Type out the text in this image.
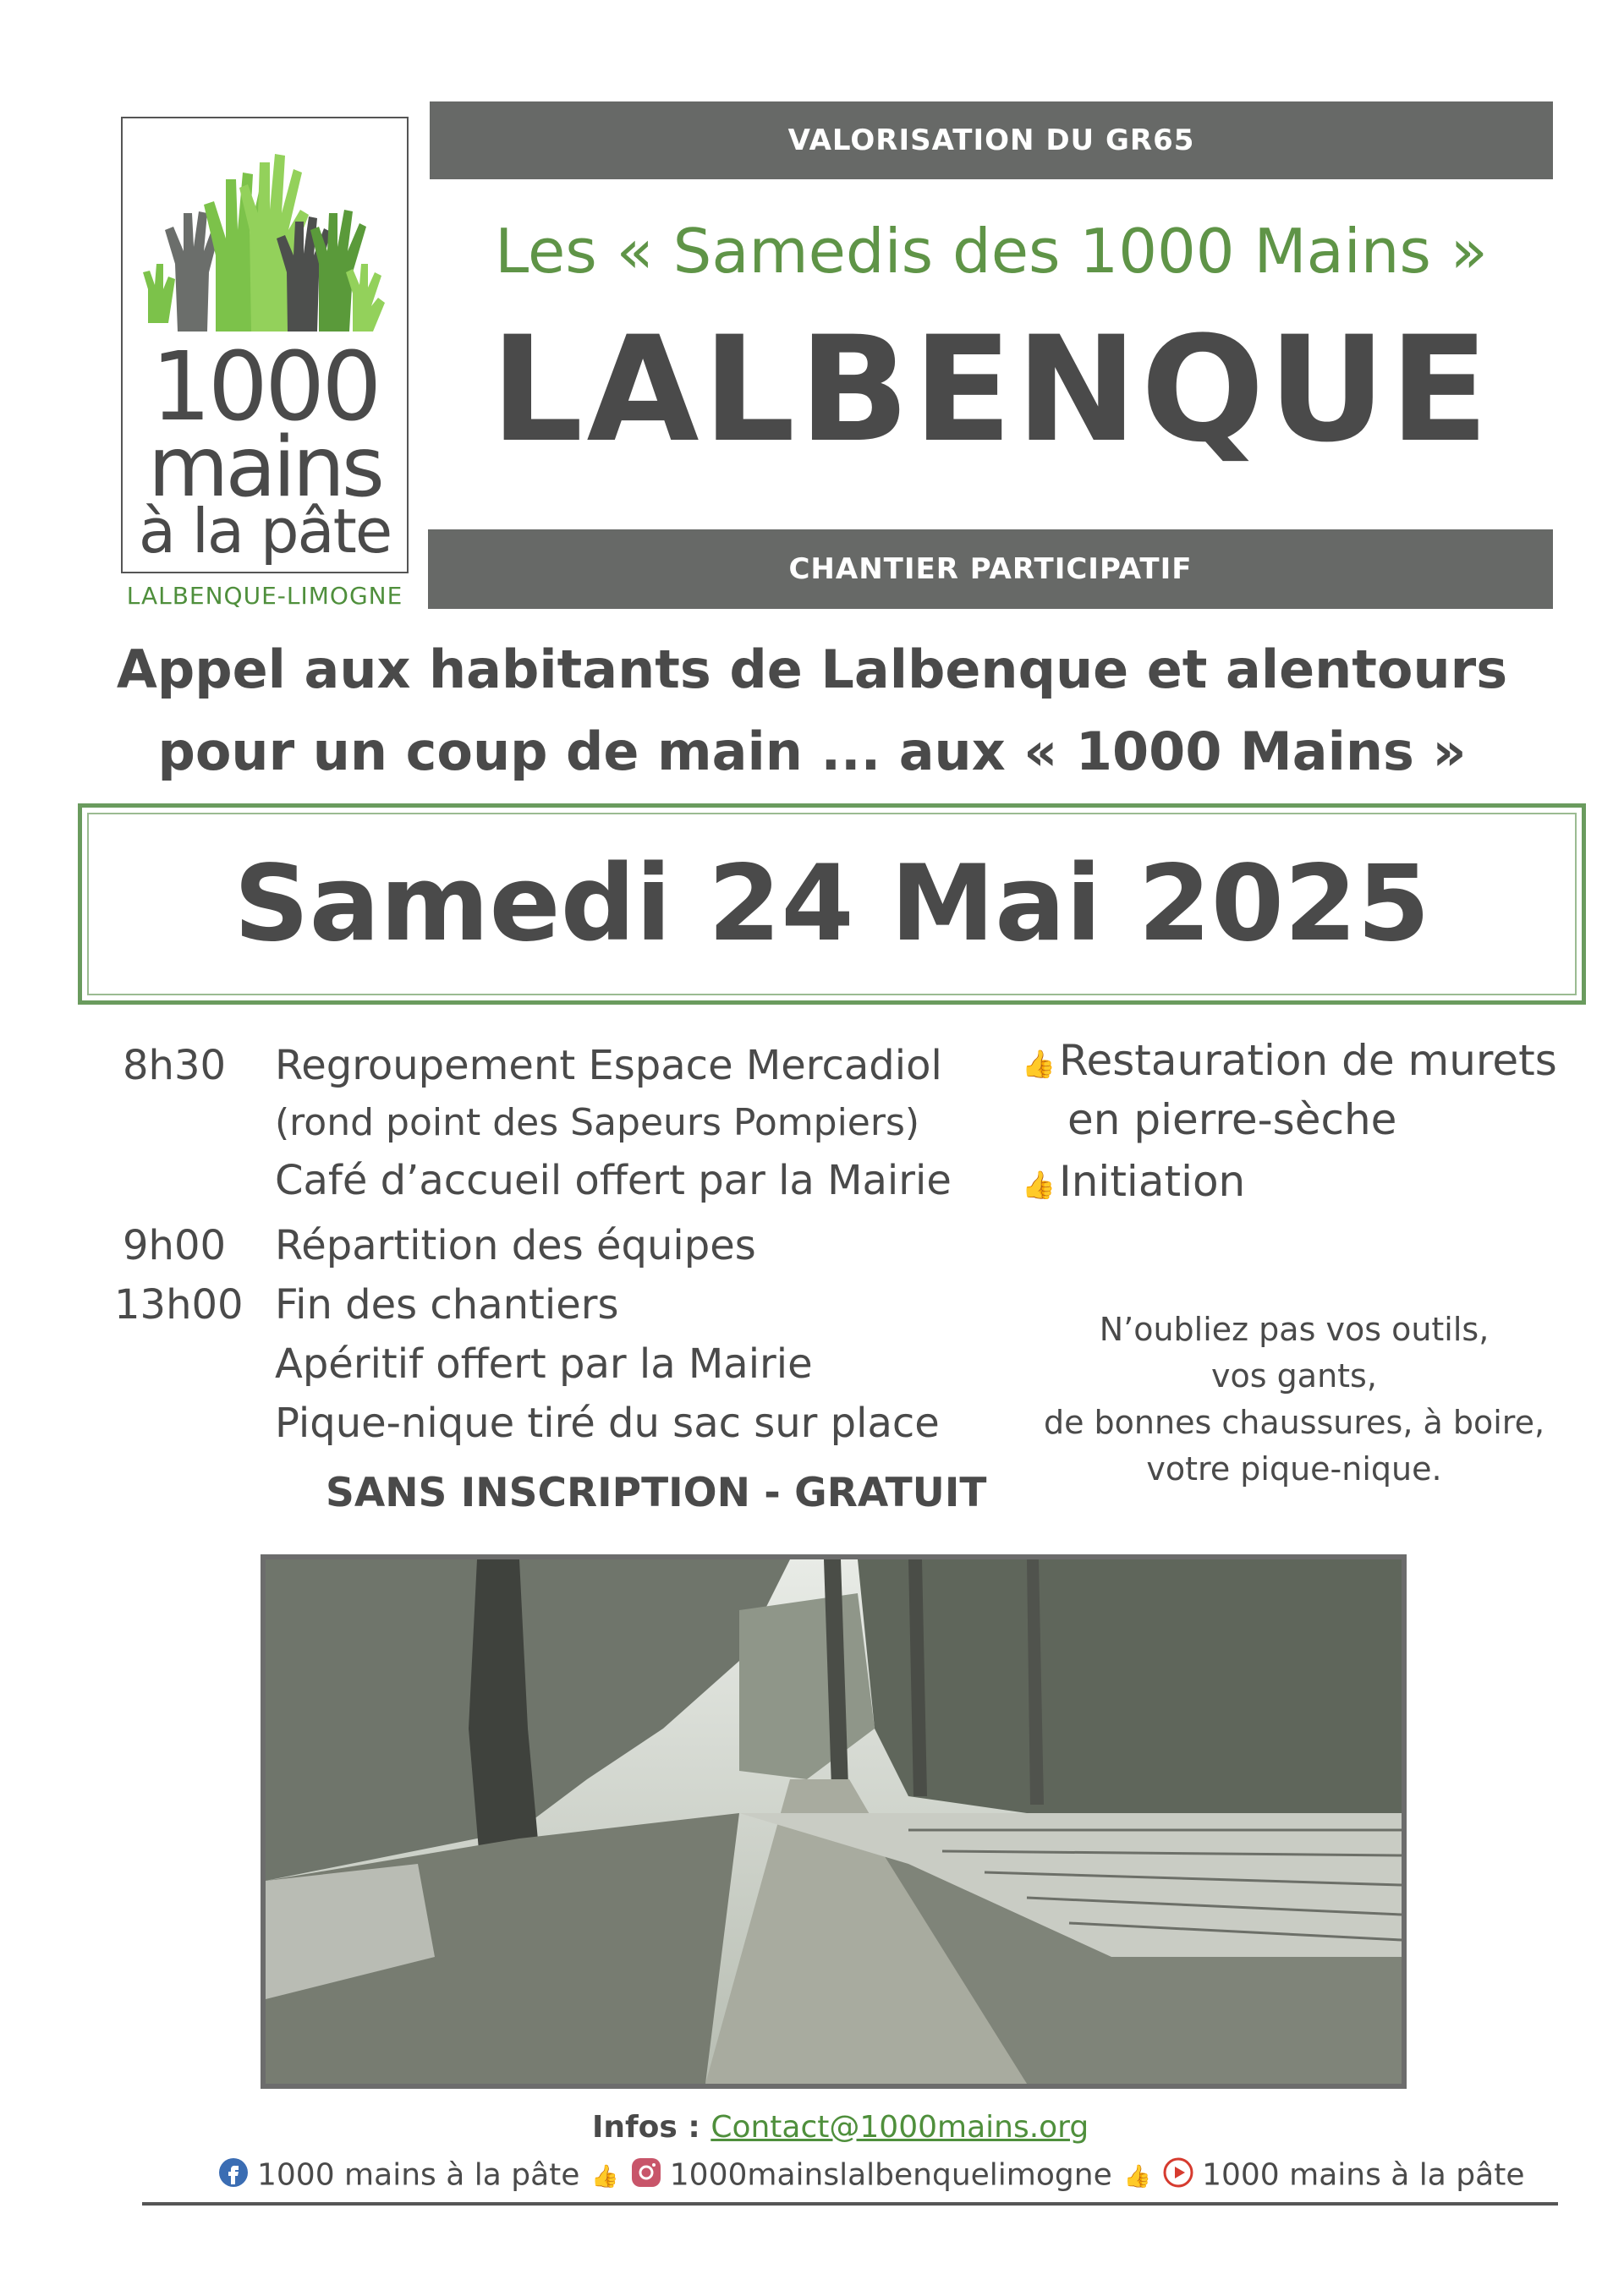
1000
mains
à la pâte
LALBENQUE-LIMOGNE
VALORISATION DU GR65
Les « Samedis des 1000 Mains »
LALBENQUE
CHANTIER PARTICIPATIF
Appel aux habitants de Lalbenque et alentours
pour un coup de main ... aux « 1000 Mains »
Samedi 24 Mai 2025
8h30 Regroupement Espace Mercadiol
(rond point des Sapeurs Pompiers)
Café d’accueil offert par la Mairie
9h00 Répartition des équipes
13h00 Fin des chantiers
Apéritif offert par la Mairie
Pique-nique tiré du sac sur place
SANS INSCRIPTION - GRATUIT
👍Restauration de murets
en pierre-sèche
👍Initiation
N’oubliez pas vos outils,
vos gants,
de bonnes chaussures, à boire,
votre pique-nique.
Infos : Contact@1000mains.org
1000 mains à la pâte 👍 1000mainslalbenquelimogne 👍 1000 mains à la pâte
